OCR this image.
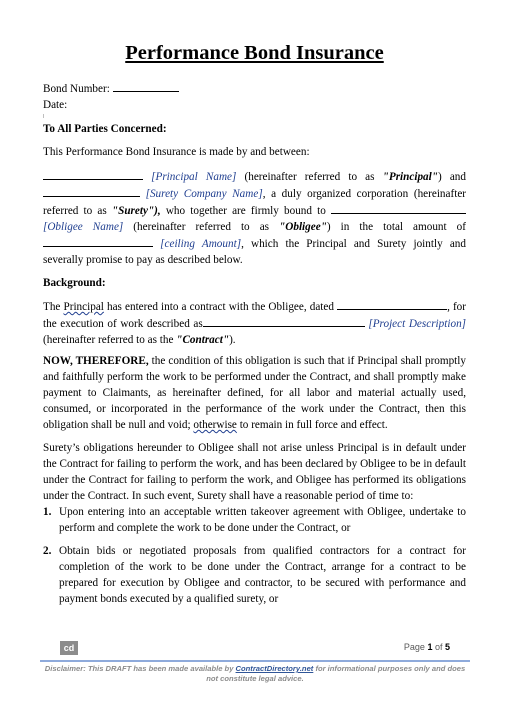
Performance Bond Insurance
Bond Number:
Date:

To All Parties Concerned:

This Performance Bond Insurance is made by and between:

[Principal Name] (hereinafter referred to as "Principal") and  [Surety Company Name], a duly organized corporation (hereinafter referred to as "Surety"), who together are firmly bound to  [Obligee Name] (hereinafter referred to as "Obligee") in the total amount of  [ceiling Amount], which the Principal and Surety jointly and severally promise to pay as described below.

Background:

The Principal has entered into a contract with the Obligee, dated	, for the execution of work described as	[Project Description] (hereinafter referred to as the "Contract").

NOW, THEREFORE, the condition of this obligation is such that if Principal shall promptly and faithfully perform the work to be performed under the Contract, and shall promptly make payment to Claimants, as hereinafter defined, for all labor and material actually used, consumed, or incorporated in the performance of the work under the Contract, then this obligation shall be null and void; otherwise to remain in full force and effect.

Surety’s obligations hereunder to Obligee shall not arise unless Principal is in default under the Contract for failing to perform the work, and has been declared by Obligee to be in default under the Contract for failing to perform the work, and Obligee has performed its obligations under the Contract. In such event, Surety shall have a reasonable period of time to:

1. Upon entering into an acceptable written takeover agreement with Obligee, undertake to perform and complete the work to be done under the Contract, or
2. Obtain bids or negotiated proposals from qualified contractors for a contract for completion of the work to be done under the Contract, arrange for a contract to be prepared for execution by Obligee and contractor, to be secured with performance and payment bonds executed by a qualified surety, or
cd	Page 1 of 5
Disclaimer: This DRAFT has been made available by ContractDirectory.net for informational purposes only and does not constitute legal advice.
